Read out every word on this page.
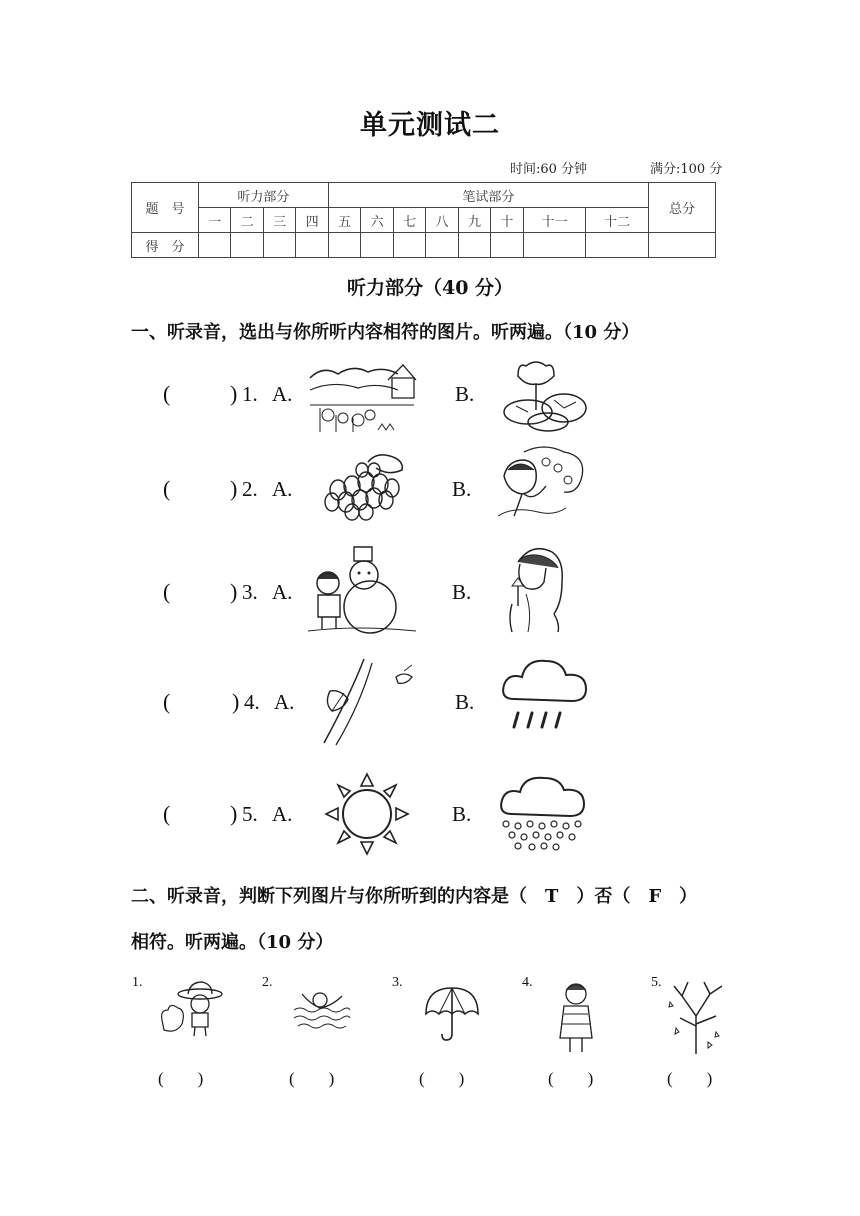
单元测试二
时间:60 分钟	满分:100 分
题　号	听力部分				笔试部分								总分
	一	二	三	四	五	六	七	八	九	十	十一	十二	
得　分													
听力部分（40 分）
一、听录音，选出与你所听内容相符的图片。听两遍。（10 分）
(	) 1. A.	B.
(	) 2. A.	B.
(	) 3. A.	B.
(	) 4. A.	B.
(	) 5. A.	B.
二、听录音，判断下列图片与你所听到的内容是（　T　）否（　F　）
相符。听两遍。（10 分）
1.	2.	3.	4.	5.
(　　)	(　　)	(　　)	(　　)	(　　)
